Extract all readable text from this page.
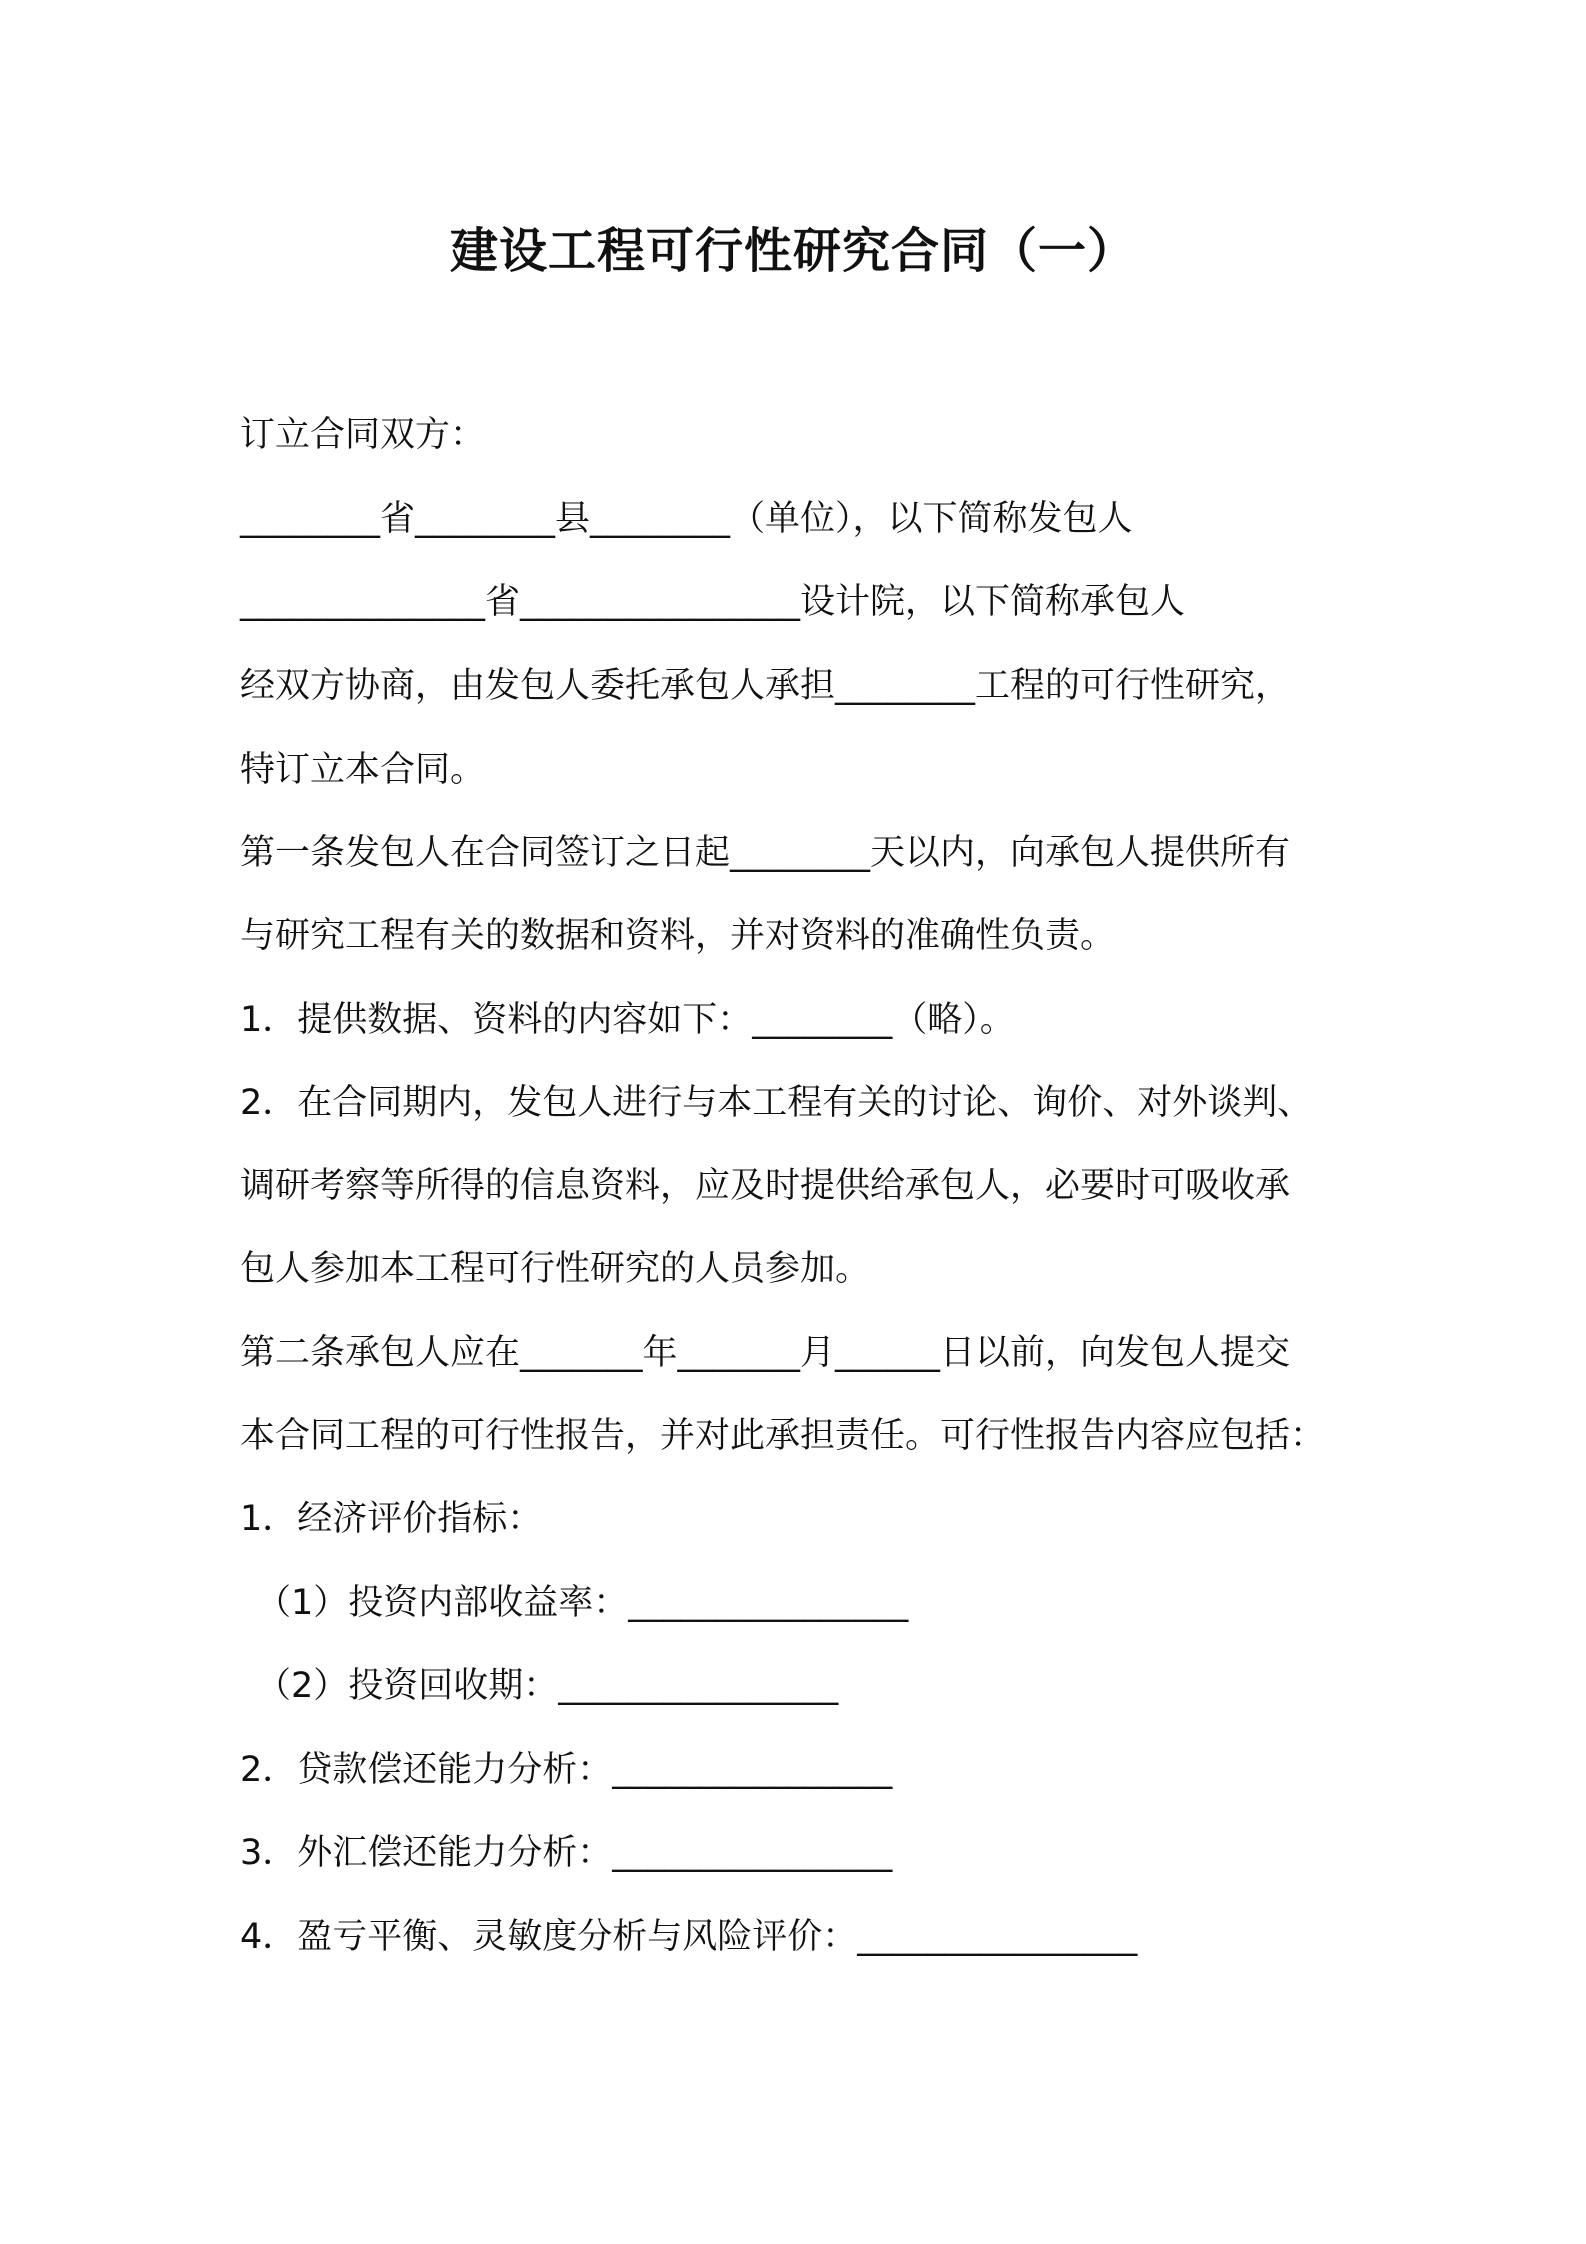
建设工程可行性研究合同（一）
订立合同双方：
________省________县________（单位），以下简称发包人
______________省________________设计院，以下简称承包人
经双方协商，由发包人委托承包人承担________工程的可行性研究，
特订立本合同。
第一条发包人在合同签订之日起________天以内，向承包人提供所有
与研究工程有关的数据和资料，并对资料的准确性负责。
1．提供数据、资料的内容如下：________（略）。
2．在合同期内，发包人进行与本工程有关的讨论、询价、对外谈判、
调研考察等所得的信息资料，应及时提供给承包人，必要时可吸收承
包人参加本工程可行性研究的人员参加。
第二条承包人应在_______年_______月______日以前，向发包人提交
本合同工程的可行性报告，并对此承担责任。可行性报告内容应包括：
1．经济评价指标：
（1）投资内部收益率：________________
（2）投资回收期：________________
2．贷款偿还能力分析：________________
3．外汇偿还能力分析：________________
4．盈亏平衡、灵敏度分析与风险评价：________________
